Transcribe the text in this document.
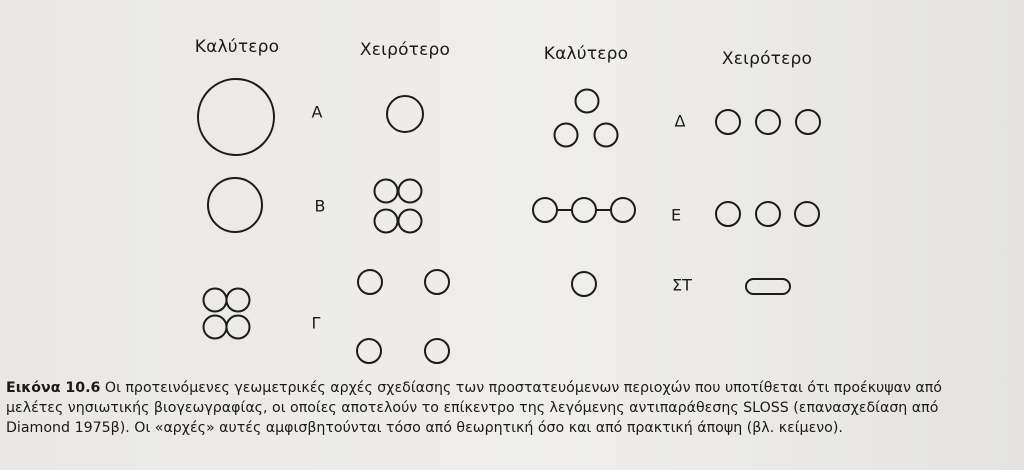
Καλύτερο	Χειρότερο	Καλύτερο	Χειρότερο
Α
Β
Γ
Δ
Ε
ΣΤ
Εικόνα 10.6 Οι προτεινόμενες γεωμετρικές αρχές σχεδίασης των προστατευόμενων περιοχών που υποτίθεται ότι προέκυψαν από
μελέτες νησιωτικής βιογεωγραφίας, οι οποίες αποτελούν το επίκεντρο της λεγόμενης αντιπαράθεσης SLOSS (επανασχεδίαση από
Diamond 1975β). Οι «αρχές» αυτές αμφισβητούνται τόσο από θεωρητική όσο και από πρακτική άποψη (βλ. κείμενο).
